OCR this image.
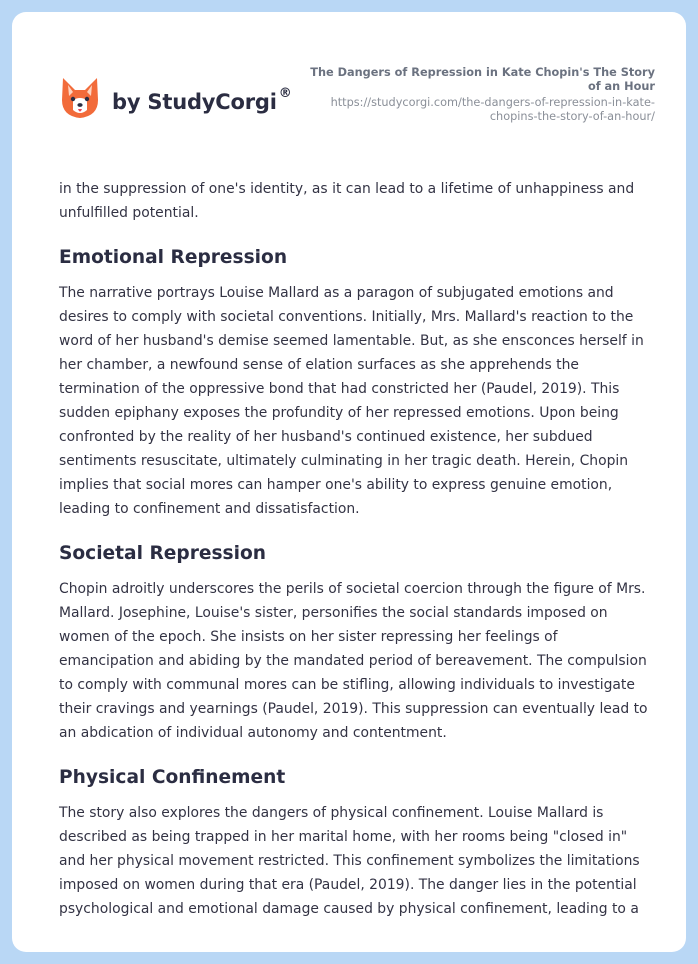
by StudyCorgi ®
The Dangers of Repression in Kate Chopin's The Story of an Hour
https://studycorgi.com/the-dangers-of-repression-in-kate-chopins-the-story-of-an-hour/

in the suppression of one's identity, as it can lead to a lifetime of unhappiness and unfulfilled potential.

Emotional Repression

The narrative portrays Louise Mallard as a paragon of subjugated emotions and desires to comply with societal conventions. Initially, Mrs. Mallard's reaction to the word of her husband's demise seemed lamentable. But, as she ensconces herself in her chamber, a newfound sense of elation surfaces as she apprehends the termination of the oppressive bond that had constricted her (Paudel, 2019). This sudden epiphany exposes the profundity of her repressed emotions. Upon being confronted by the reality of her husband's continued existence, her subdued sentiments resuscitate, ultimately culminating in her tragic death. Herein, Chopin implies that social mores can hamper one's ability to express genuine emotion, leading to confinement and dissatisfaction.

Societal Repression

Chopin adroitly underscores the perils of societal coercion through the figure of Mrs. Mallard. Josephine, Louise's sister, personifies the social standards imposed on women of the epoch. She insists on her sister repressing her feelings of emancipation and abiding by the mandated period of bereavement. The compulsion to comply with communal mores can be stifling, allowing individuals to investigate their cravings and yearnings (Paudel, 2019). This suppression can eventually lead to an abdication of individual autonomy and contentment.

Physical Confinement

The story also explores the dangers of physical confinement. Louise Mallard is described as being trapped in her marital home, with her rooms being "closed in" and her physical movement restricted. This confinement symbolizes the limitations imposed on women during that era (Paudel, 2019). The danger lies in the potential psychological and emotional damage caused by physical confinement, leading to a
